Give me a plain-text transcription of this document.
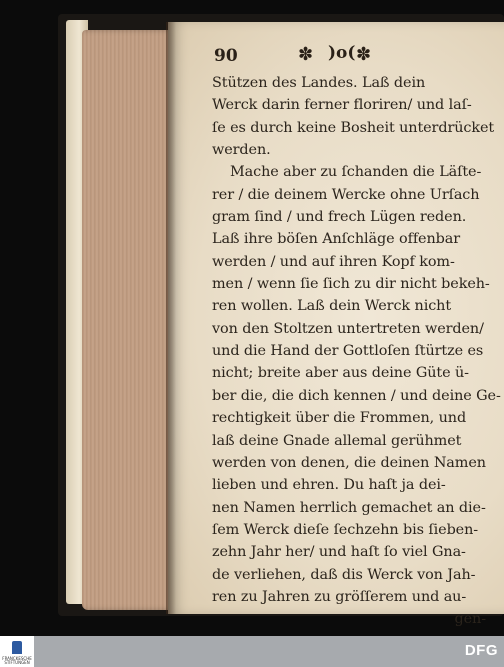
90	✽ )o( ✽
Stützen des Landes. Laß dein
Werck darin ferner floriren/ und laſ-
ſe es durch keine Bosheit unterdrücket
werden.
Mache aber zu ſchanden die Läſte-
rer / die deinem Wercke ohne Urſach
gram ſind / und frech Lügen reden.
Laß ihre böſen Anſchläge offenbar
werden / und auf ihren Kopf kom-
men / wenn ſie ſich zu dir nicht bekeh-
ren wollen. Laß dein Werck nicht
von den Stoltzen untertreten werden/
und die Hand der Gottloſen ſtürtze es
nicht; breite aber aus deine Güte ü-
ber die, die dich kennen / und deine Ge-
rechtigkeit über die Frommen, und
laß deine Gnade allemal gerühmet
werden von denen, die deinen Namen
lieben und ehren. Du haſt ja dei-
nen Namen herrlich gemachet an die-
ſem Werck dieſe ſechzehn bis ſieben-
zehn Jahr her/ und haſt ſo viel Gna-
de verliehen, daß dis Werck von Jah-
ren zu Jahren zu gröſſerem und au-
gen-
FRANCKESCHE STIFTUNGEN
DFG
